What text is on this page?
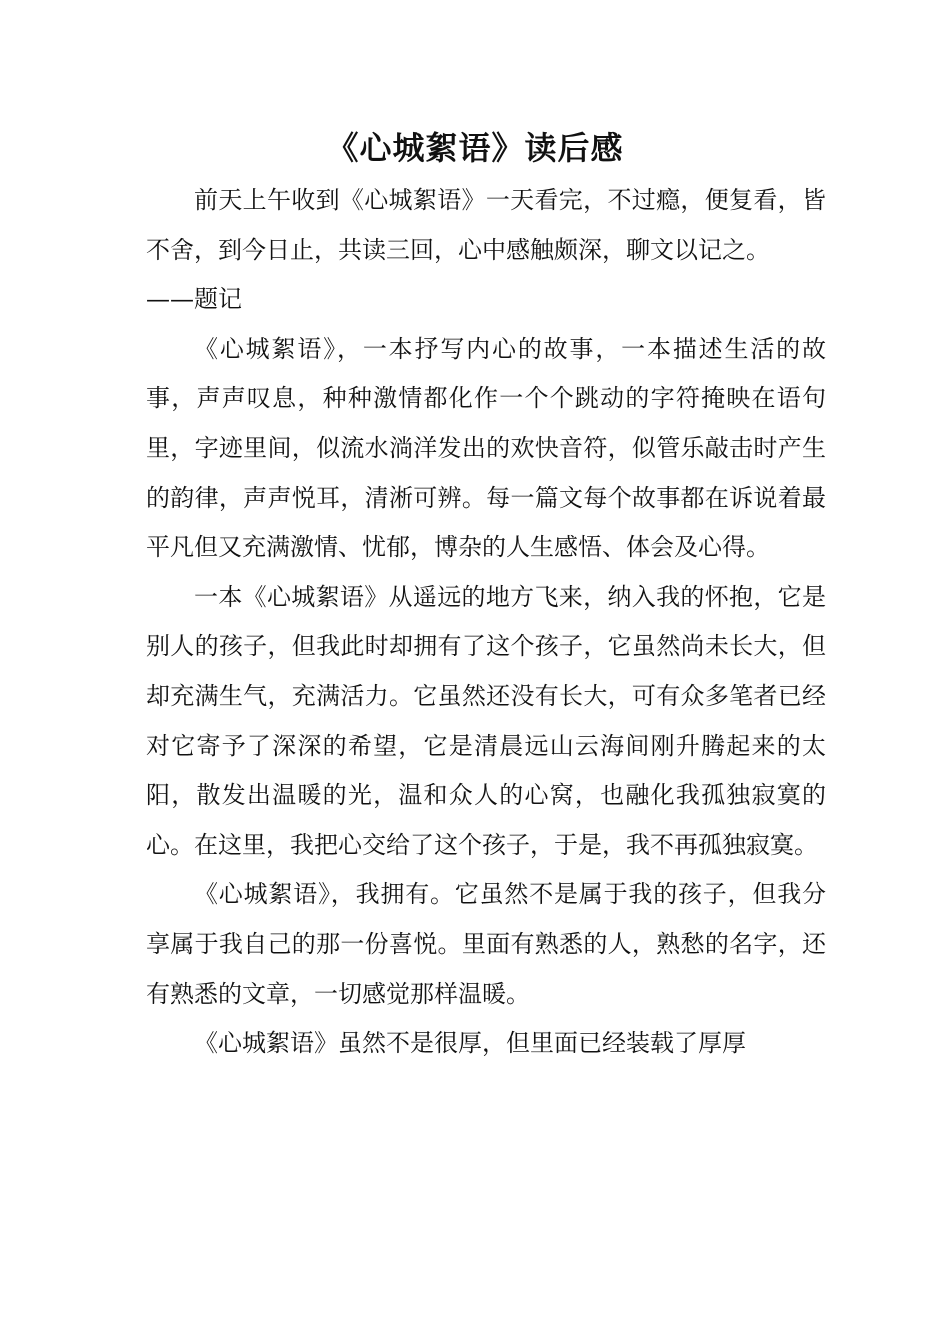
《心城絮语》读后感

前天上午收到《心城絮语》一天看完，不过瘾，便复看，皆不舍，到今日止，共读三回，心中感触颇深，聊文以记之。

——题记

《心城絮语》，一本抒写内心的故事，一本描述生活的故事，声声叹息，种种激情都化作一个个跳动的字符掩映在语句里，字迹里间，似流水淌洋发出的欢快音符，似管乐敲击时产生的韵律，声声悦耳，清淅可辨。每一篇文每个故事都在诉说着最平凡但又充满激情、忧郁，博杂的人生感悟、体会及心得。

一本《心城絮语》从遥远的地方飞来，纳入我的怀抱，它是别人的孩子，但我此时却拥有了这个孩子，它虽然尚未长大，但却充满生气，充满活力。它虽然还没有长大，可有众多笔者已经对它寄予了深深的希望，它是清晨远山云海间刚升腾起来的太阳，散发出温暖的光，温和众人的心窝，也融化我孤独寂寞的心。在这里，我把心交给了这个孩子，于是，我不再孤独寂寞。

《心城絮语》，我拥有。它虽然不是属于我的孩子，但我分享属于我自己的那一份喜悦。里面有熟悉的人，熟愁的名字，还有熟悉的文章，一切感觉那样温暖。

《心城絮语》虽然不是很厚，但里面已经装载了厚厚
